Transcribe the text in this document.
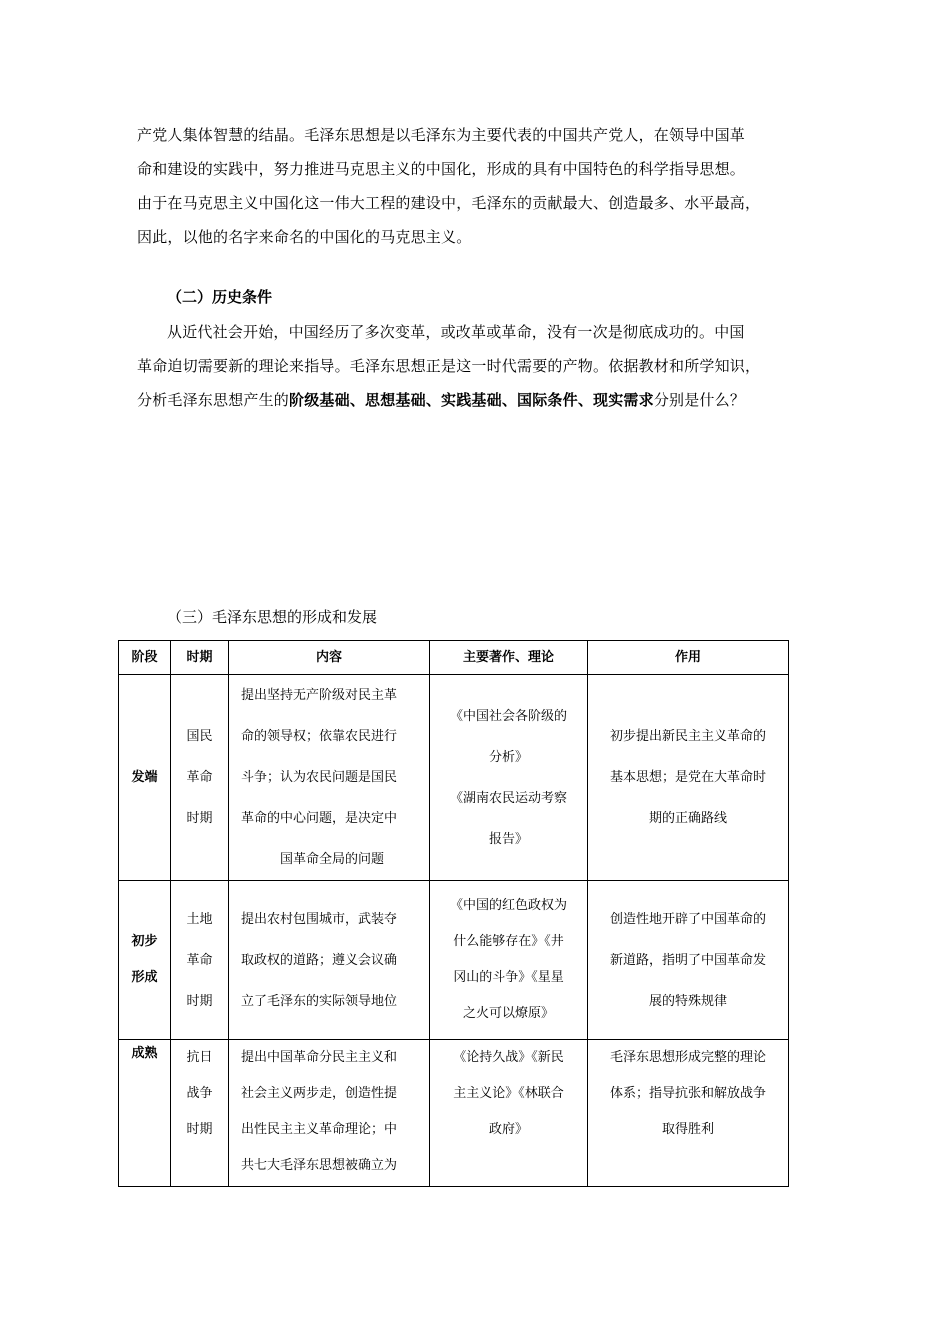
产党人集体智慧的结晶。毛泽东思想是以毛泽东为主要代表的中国共产党人，在领导中国革
命和建设的实践中，努力推进马克思主义的中国化，形成的具有中国特色的科学指导思想。
由于在马克思主义中国化这一伟大工程的建设中，毛泽东的贡献最大、创造最多、水平最高，
因此，以他的名字来命名的中国化的马克思主义。
（二）历史条件
从近代社会开始，中国经历了多次变革，或改革或革命，没有一次是彻底成功的。中国
革命迫切需要新的理论来指导。毛泽东思想正是这一时代需要的产物。依据教材和所学知识，
分析毛泽东思想产生的阶级基础、思想基础、实践基础、国际条件、现实需求分别是什么？
（三）毛泽东思想的形成和发展
阶段	时期	内容	主要著作、理论	作用

发端	国民
革命
时期	提出坚持无产阶级对民主革
命的领导权；依靠农民进行
斗争；认为农民问题是国民
革命的中心问题，是决定中
国革命全局的问题	《中国社会各阶级的
分析》
《湖南农民运动考察
报告》	初步提出新民主主义革命的
基本思想；是党在大革命时
期的正确路线

初步
形成	土地
革命
时期	提出农村包围城市，武装夺
取政权的道路；遵义会议确
立了毛泽东的实际领导地位	《中国的红色政权为
什么能够存在》《井
冈山的斗争》《星星
之火可以燎原》	创造性地开辟了中国革命的
新道路，指明了中国革命发
展的特殊规律

成熟	抗日
战争
时期	提出中国革命分民主主义和
社会主义两步走，创造性提
出性民主主义革命理论；中
共七大毛泽东思想被确立为	《论持久战》《新民
主主义论》《林联合
政府》	毛泽东思想形成完整的理论
体系；指导抗张和解放战争
取得胜利
